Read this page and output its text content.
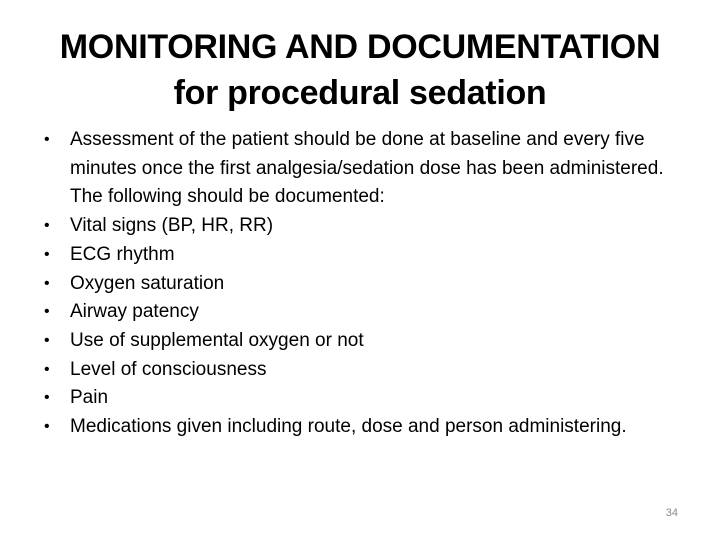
MONITORING AND DOCUMENTATION
for procedural sedation
• Assessment of the patient should be done at baseline and every five minutes once the first analgesia/sedation dose has been administered. The following should be documented:
• Vital signs (BP, HR, RR)
• ECG rhythm
• Oxygen saturation
• Airway patency
• Use of supplemental oxygen or not
• Level of consciousness
• Pain
• Medications given including route, dose and person administering.
34
